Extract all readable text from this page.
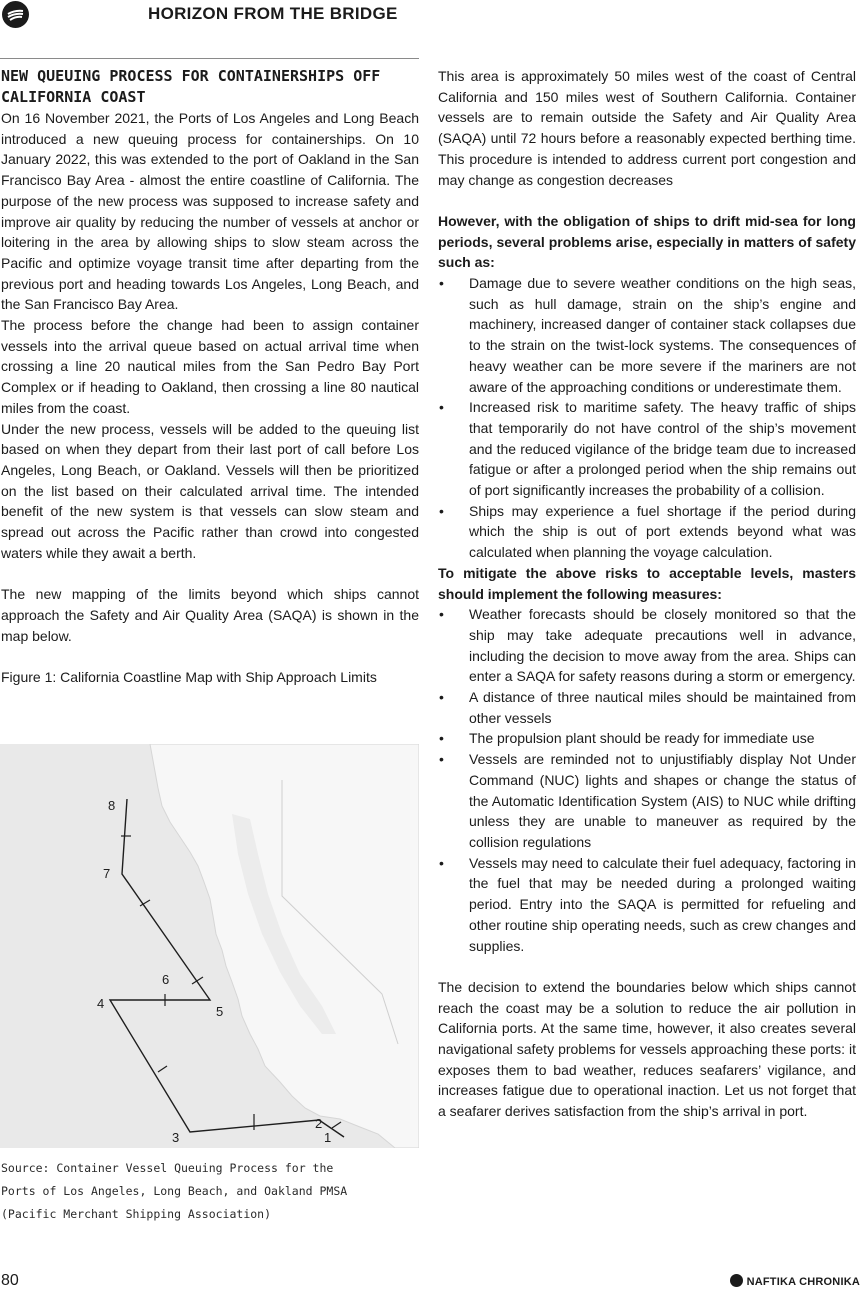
HORIZON FROM THE BRIDGE
NEW QUEUING PROCESS FOR CONTAINERSHIPS OFF CALIFORNIA COAST

On 16 November 2021, the Ports of Los Angeles and Long Beach introduced a new queuing process for containerships. On 10 January 2022, this was extended to the port of Oakland in the San Francisco Bay Area - almost the entire coastline of California. The purpose of the new process was supposed to increase safety and improve air quality by reducing the number of vessels at anchor or loitering in the area by allowing ships to slow steam across the Pacific and optimize voyage transit time after departing from the previous port and heading towards Los Angeles, Long Beach, and the San Francisco Bay Area.

The process before the change had been to assign container vessels into the arrival queue based on actual arrival time when crossing a line 20 nautical miles from the San Pedro Bay Port Complex or if heading to Oakland, then crossing a line 80 nautical miles from the coast.

Under the new process, vessels will be added to the queuing list based on when they depart from their last port of call before Los Angeles, Long Beach, or Oakland. Vessels will then be prioritized on the list based on their calculated arrival time. The intended benefit of the new system is that vessels can slow steam and spread out across the Pacific rather than crowd into congested waters while they await a berth.

The new mapping of the limits beyond which ships cannot approach the Safety and Air Quality Area (SAQA) is shown in the map below.

Figure 1: California Coastline Map with Ship Approach Limits

1
2
3
4
5
6
7
8
Source: Container Vessel Queuing Process for the
Ports of Los Angeles, Long Beach, and Oakland PMSA
(Pacific Merchant Shipping Association)

This area is approximately 50 miles west of the coast of Central California and 150 miles west of Southern California. Container vessels are to remain outside the Safety and Air Quality Area (SAQA) until 72 hours before a reasonably expected berthing time. This procedure is intended to address current port congestion and may change as congestion decreases

However, with the obligation of ships to drift mid-sea for long periods, several problems arise, especially in matters of safety such as:

• Damage due to severe weather conditions on the high seas, such as hull damage, strain on the ship’s engine and machinery, increased danger of container stack collapses due to the strain on the twist-lock systems. The consequences of heavy weather can be more severe if the mariners are not aware of the approaching conditions or underestimate them.
• Increased risk to maritime safety. The heavy traffic of ships that temporarily do not have control of the ship’s movement and the reduced vigilance of the bridge team due to increased fatigue or after a prolonged period when the ship remains out of port significantly increases the probability of a collision.
• Ships may experience a fuel shortage if the period during which the ship is out of port extends beyond what was calculated when planning the voyage calculation.

To mitigate the above risks to acceptable levels, masters should implement the following measures:

• Weather forecasts should be closely monitored so that the ship may take adequate precautions well in advance, including the decision to move away from the area. Ships can enter a SAQA for safety reasons during a storm or emergency.
• A distance of three nautical miles should be maintained from other vessels
• The propulsion plant should be ready for immediate use
• Vessels are reminded not to unjustifiably display Not Under Command (NUC) lights and shapes or change the status of the Automatic Identification System (AIS) to NUC while drifting unless they are unable to maneuver as required by the collision regulations
• Vessels may need to calculate their fuel adequacy, factoring in the fuel that may be needed during a prolonged waiting period. Entry into the SAQA is permitted for refueling and other routine ship operating needs, such as crew changes and supplies.

The decision to extend the boundaries below which ships cannot reach the coast may be a solution to reduce the air pollution in California ports. At the same time, however, it also creates several navigational safety problems for vessels approaching these ports: it exposes them to bad weather, reduces seafarers’ vigilance, and increases fatigue due to operational inaction. Let us not forget that a seafarer derives satisfaction from the ship’s arrival in port.

80	NAFTIKA CHRONIKA
